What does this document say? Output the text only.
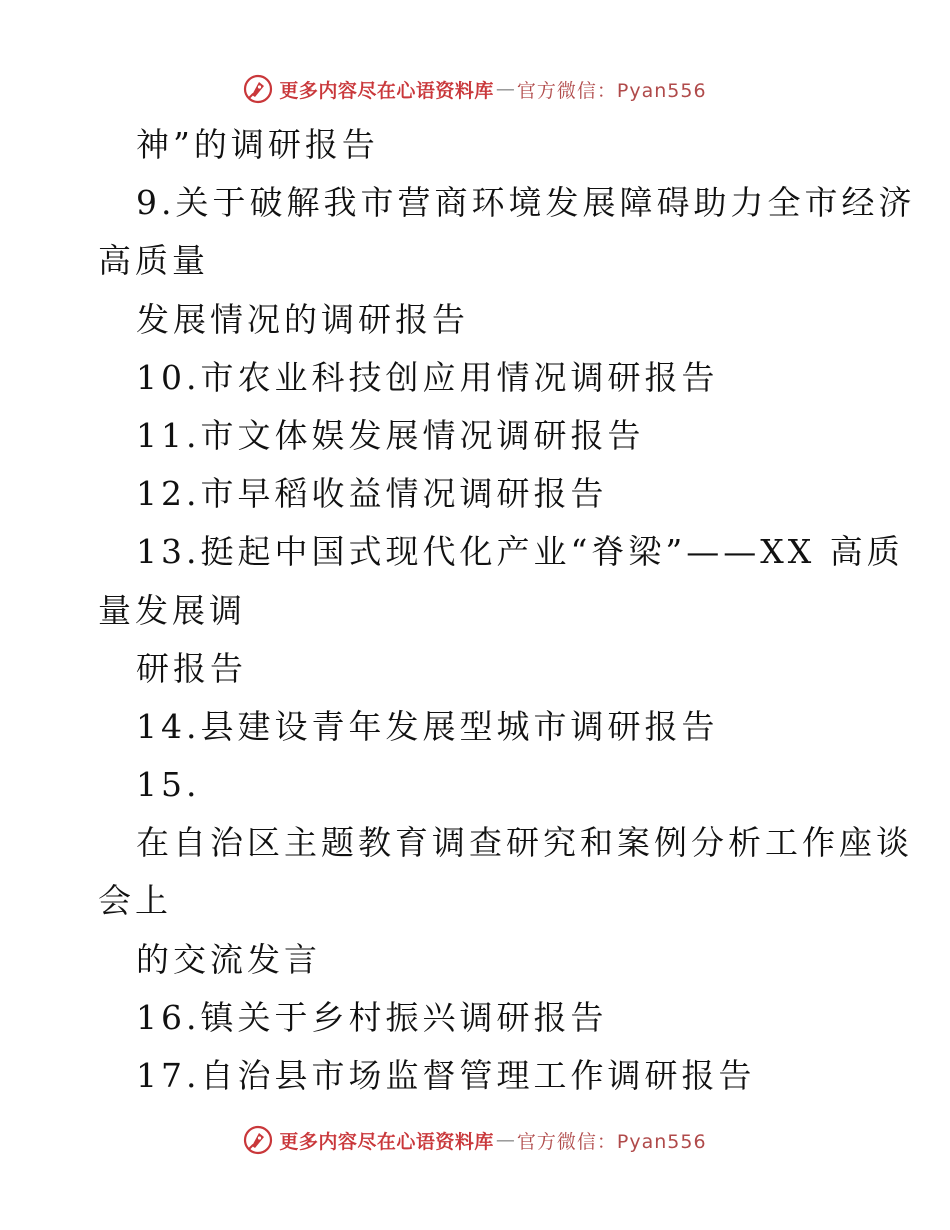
更多内容尽在心语资料库 — 官方微信：Pyan556
神”的调研报告
9.关于破解我市营商环境发展障碍助力全市经济
高质量
发展情况的调研报告
10.市农业科技创应用情况调研报告
11.市文体娱发展情况调研报告
12.市早稻收益情况调研报告
13.挺起中国式现代化产业“脊梁”——XX 高质
量发展调
研报告
14.县建设青年发展型城市调研报告
15.
在自治区主题教育调查研究和案例分析工作座谈
会上
的交流发言
16.镇关于乡村振兴调研报告
17.自治县市场监督管理工作调研报告
更多内容尽在心语资料库 — 官方微信：Pyan556
